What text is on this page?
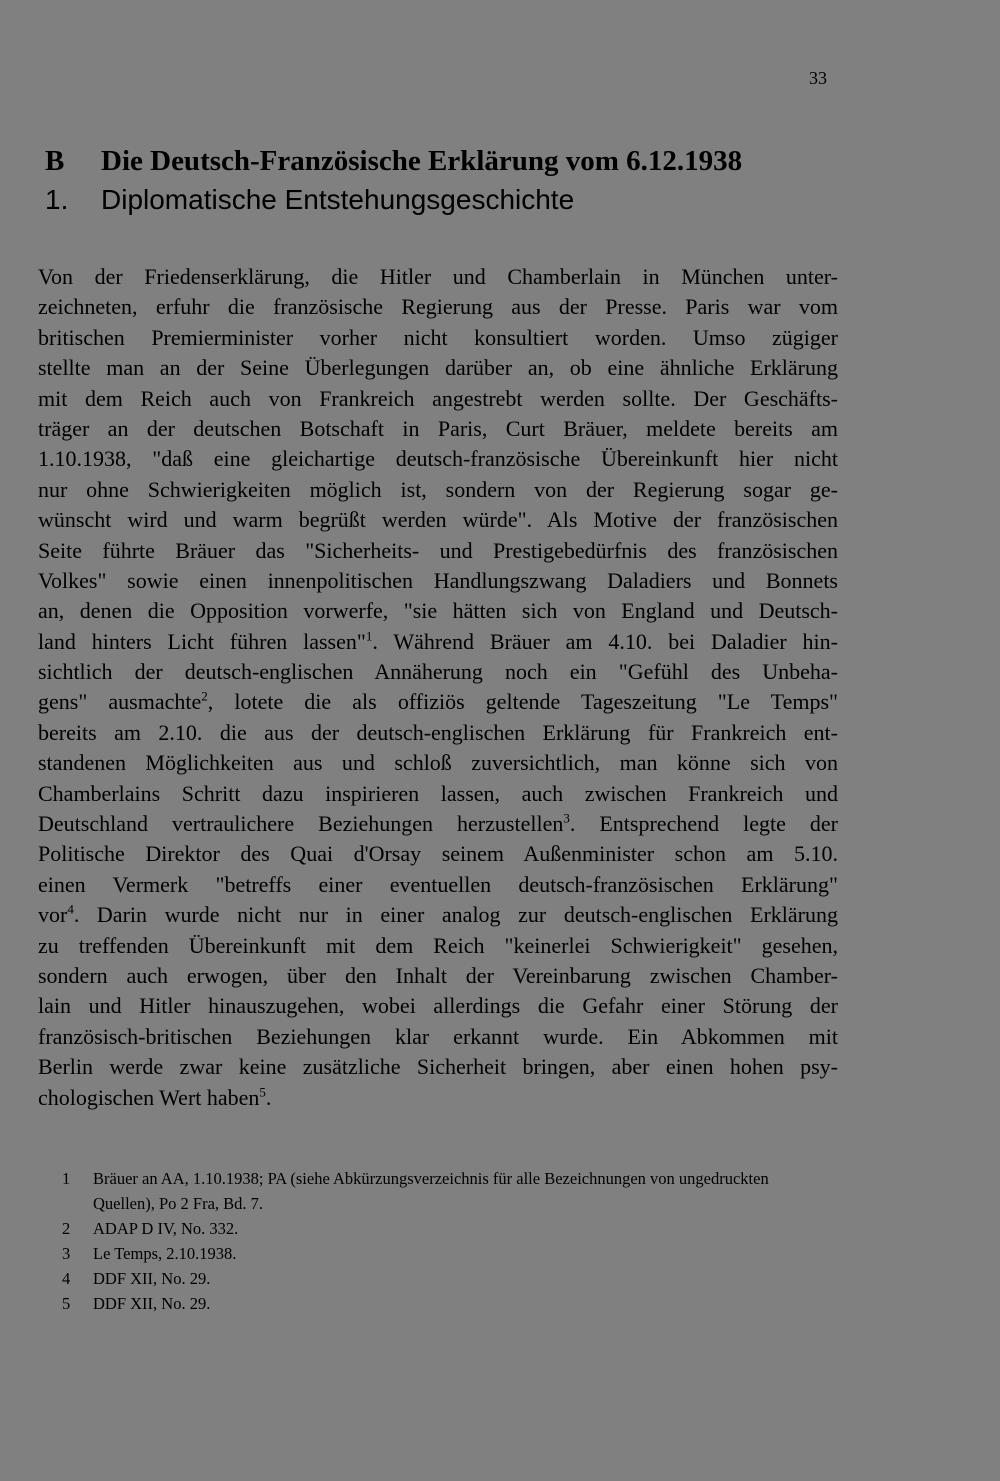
33
B Die Deutsch-Französische Erklärung vom 6.12.1938
1. Diplomatische Entstehungsgeschichte
Von der Friedenserklärung, die Hitler und Chamberlain in München unter-
zeichneten, erfuhr die französische Regierung aus der Presse. Paris war vom
britischen Premierminister vorher nicht konsultiert worden. Umso zügiger
stellte man an der Seine Überlegungen darüber an, ob eine ähnliche Erklärung
mit dem Reich auch von Frankreich angestrebt werden sollte. Der Geschäfts-
träger an der deutschen Botschaft in Paris, Curt Bräuer, meldete bereits am
1.10.1938, "daß eine gleichartige deutsch-französische Übereinkunft hier nicht
nur ohne Schwierigkeiten möglich ist, sondern von der Regierung sogar ge-
wünscht wird und warm begrüßt werden würde". Als Motive der französischen
Seite führte Bräuer das "Sicherheits- und Prestigebedürfnis des französischen
Volkes" sowie einen innenpolitischen Handlungszwang Daladiers und Bonnets
an, denen die Opposition vorwerfe, "sie hätten sich von England und Deutsch-
land hinters Licht führen lassen"$^1$. Während Bräuer am 4.10. bei Daladier hin-
sichtlich der deutsch-englischen Annäherung noch ein "Gefühl des Unbeha-
gens" ausmachte$^2$, lotete die als offiziös geltende Tageszeitung "Le Temps"
bereits am 2.10. die aus der deutsch-englischen Erklärung für Frankreich ent-
standenen Möglichkeiten aus und schloß zuversichtlich, man könne sich von
Chamberlains Schritt dazu inspirieren lassen, auch zwischen Frankreich und
Deutschland vertraulichere Beziehungen herzustellen$^3$. Entsprechend legte der
Politische Direktor des Quai d'Orsay seinem Außenminister schon am 5.10.
einen Vermerk "betreffs einer eventuellen deutsch-französischen Erklärung"
vor$^4$. Darin wurde nicht nur in einer analog zur deutsch-englischen Erklärung
zu treffenden Übereinkunft mit dem Reich "keinerlei Schwierigkeit" gesehen,
sondern auch erwogen, über den Inhalt der Vereinbarung zwischen Chamber-
lain und Hitler hinauszugehen, wobei allerdings die Gefahr einer Störung der
französisch-britischen Beziehungen klar erkannt wurde. Ein Abkommen mit
Berlin werde zwar keine zusätzliche Sicherheit bringen, aber einen hohen psy-
chologischen Wert haben$^5$.
1	Bräuer an AA, 1.10.1938; PA (siehe Abkürzungsverzeichnis für alle Bezeichnungen von ungedruckten Quellen), Po 2 Fra, Bd. 7.
2	ADAP D IV, No. 332.
3	Le Temps, 2.10.1938.
4	DDF XII, No. 29.
5	DDF XII, No. 29.
